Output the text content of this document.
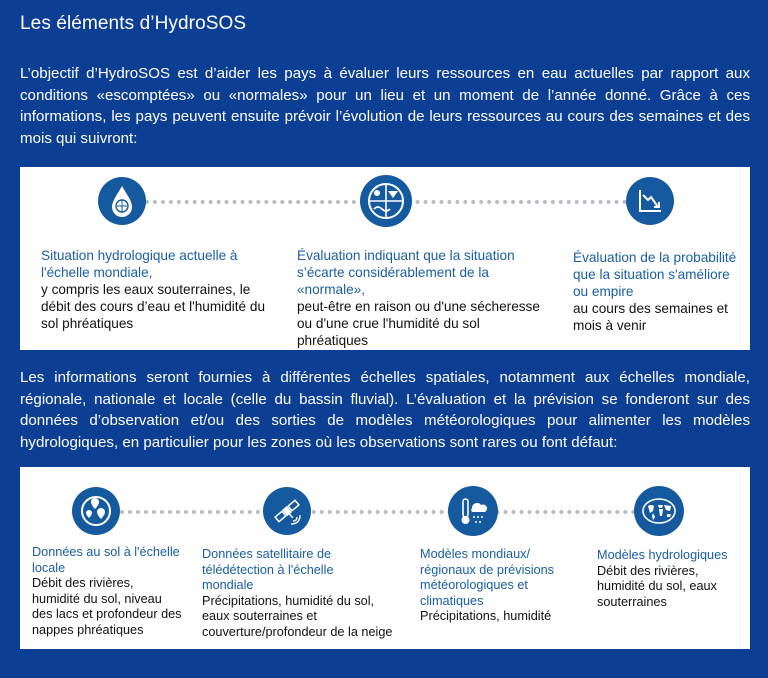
Les éléments d’HydroSOS
L’objectif d’HydroSOS est d’aider les pays à évaluer leurs ressources en eau actuelles par rapport aux conditions «escomptées» ou «normales» pour un lieu et un moment de l’année donné. Grâce à ces informations, les pays peuvent ensuite prévoir l’évolution de leurs ressources au cours des semaines et des mois qui suivront:
Situation hydrologique actuelle à l'échelle mondiale,
y compris les eaux souterraines, le débit des cours d’eau et l'humidité du sol phréatiques
Évaluation indiquant que la situation s’écarte considérablement de la «normale»,
peut-être en raison ou d'une sécheresse ou d'une crue l'humidité du sol phréatiques
Évaluation de la probabilité que la situation s'améliore ou empire
au cours des semaines et mois à venir
Les informations seront fournies à différentes échelles spatiales, notamment aux échelles mondiale, régionale, nationale et locale (celle du bassin fluvial). L’évaluation et la prévision se fonderont sur des données d’observation et/ou des sorties de modèles météorologiques pour alimenter les modèles hydrologiques, en particulier pour les zones où les observations sont rares ou font défaut:
Données au sol à l'échelle locale
Débit des rivières, humidité du sol, niveau des lacs et profondeur des nappes phréatiques
Données satellitaire de télédétection à l'échelle mondiale
Précipitations, humidité du sol, eaux souterraines et couverture/profondeur de la neige
Modèles mondiaux/ régionaux de prévisions météorologiques et climatiques
Précipitations, humidité
Modèles hydrologiques
Débit des rivières, humidité du sol, eaux souterraines
